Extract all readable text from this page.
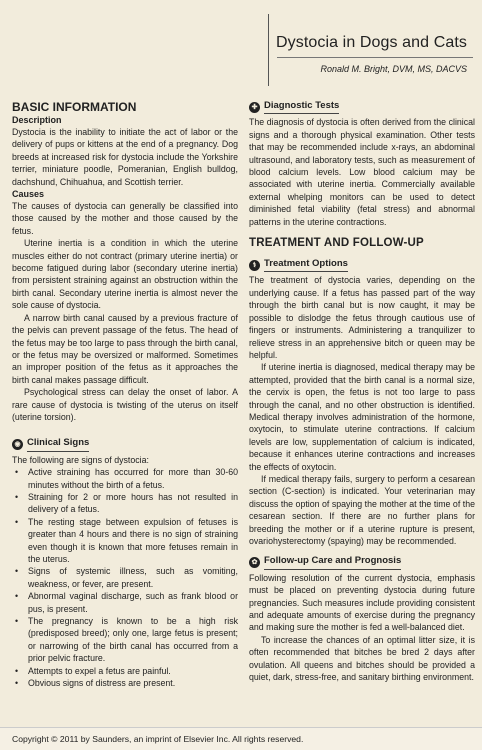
Dystocia in Dogs and Cats
Ronald M. Bright, DVM, MS, DACVS
BASIC INFORMATION
Description

Dystocia is the inability to initiate the act of labor or the delivery of pups or kittens at the end of a pregnancy. Dog breeds at increased risk for dystocia include the Yorkshire terrier, miniature poodle, Pomeranian, English bulldog, dachshund, Chihuahua, and Scottish terrier.

Causes

The causes of dystocia can generally be classified into those caused by the mother and those caused by the fetus.

Uterine inertia is a condition in which the uterine muscles either do not contract (primary uterine inertia) or become fatigued during labor (secondary uterine inertia) from persistent straining against an obstruction within the birth canal. Secondary uterine inertia is almost never the sole cause of dystocia.

A narrow birth canal caused by a previous fracture of the pelvis can prevent passage of the fetus. The head of the fetus may be too large to pass through the birth canal, or the fetus may be oversized or malformed. Sometimes an improper position of the fetus as it approaches the birth canal makes passage difficult.

Psychological stress can delay the onset of labor. A rare cause of dystocia is twisting of the uterus on itself (uterine torsion).

◉ Clinical Signs

The following are signs of dystocia:

• Active straining has occurred for more than 30-60 minutes without the birth of a fetus.
• Straining for 2 or more hours has not resulted in delivery of a fetus.
• The resting stage between expulsion of fetuses is greater than 4 hours and there is no sign of straining even though it is known that more fetuses remain in the uterus.
• Signs of systemic illness, such as vomiting, weakness, or fever, are present.
• Abnormal vaginal discharge, such as frank blood or pus, is present.
• The pregnancy is known to be a high risk (predisposed breed); only one, large fetus is present; or narrowing of the birth canal has occurred from a prior pelvic fracture.
• Attempts to expel a fetus are painful.
• Obvious signs of distress are present.
✚ Diagnostic Tests

The diagnosis of dystocia is often derived from the clinical signs and a thorough physical examination. Other tests that may be recommended include x-rays, an abdominal ultrasound, and laboratory tests, such as measurement of blood calcium levels. Low blood calcium may be associated with uterine inertia. Commercially available external whelping monitors can be used to detect diminished fetal viability (fetal stress) and abnormal patterns in the uterine contractions.

TREATMENT AND FOLLOW-UP
⚕ Treatment Options

The treatment of dystocia varies, depending on the underlying cause. If a fetus has passed part of the way through the birth canal but is now caught, it may be possible to dislodge the fetus through cautious use of fingers or instruments. Administering a tranquilizer to relieve stress in an apprehensive bitch or queen may be helpful.

If uterine inertia is diagnosed, medical therapy may be attempted, provided that the birth canal is a normal size, the cervix is open, the fetus is not too large to pass through the canal, and no other obstruction is identified. Medical therapy involves administration of the hormone, oxytocin, to stimulate uterine contractions. If calcium levels are low, supplementation of calcium is indicated, because it enhances uterine contractions and increases the effects of oxytocin.

If medical therapy fails, surgery to perform a cesarean section (C-section) is indicated. Your veterinarian may discuss the option of spaying the mother at the time of the cesarean section. If there are no further plans for breeding the mother or if a uterine rupture is present, ovariohysterectomy (spaying) may be recommended.

✿ Follow-up Care and Prognosis

Following resolution of the current dystocia, emphasis must be placed on preventing dystocia during future pregnancies. Such measures include providing consistent and adequate amounts of exercise during the pregnancy and making sure the mother is fed a well-balanced diet.

To increase the chances of an optimal litter size, it is often recommended that bitches be bred 2 days after ovulation. All queens and bitches should be provided a quiet, dark, stress-free, and sanitary birthing environment.

Copyright © 2011 by Saunders, an imprint of Elsevier Inc. All rights reserved.
